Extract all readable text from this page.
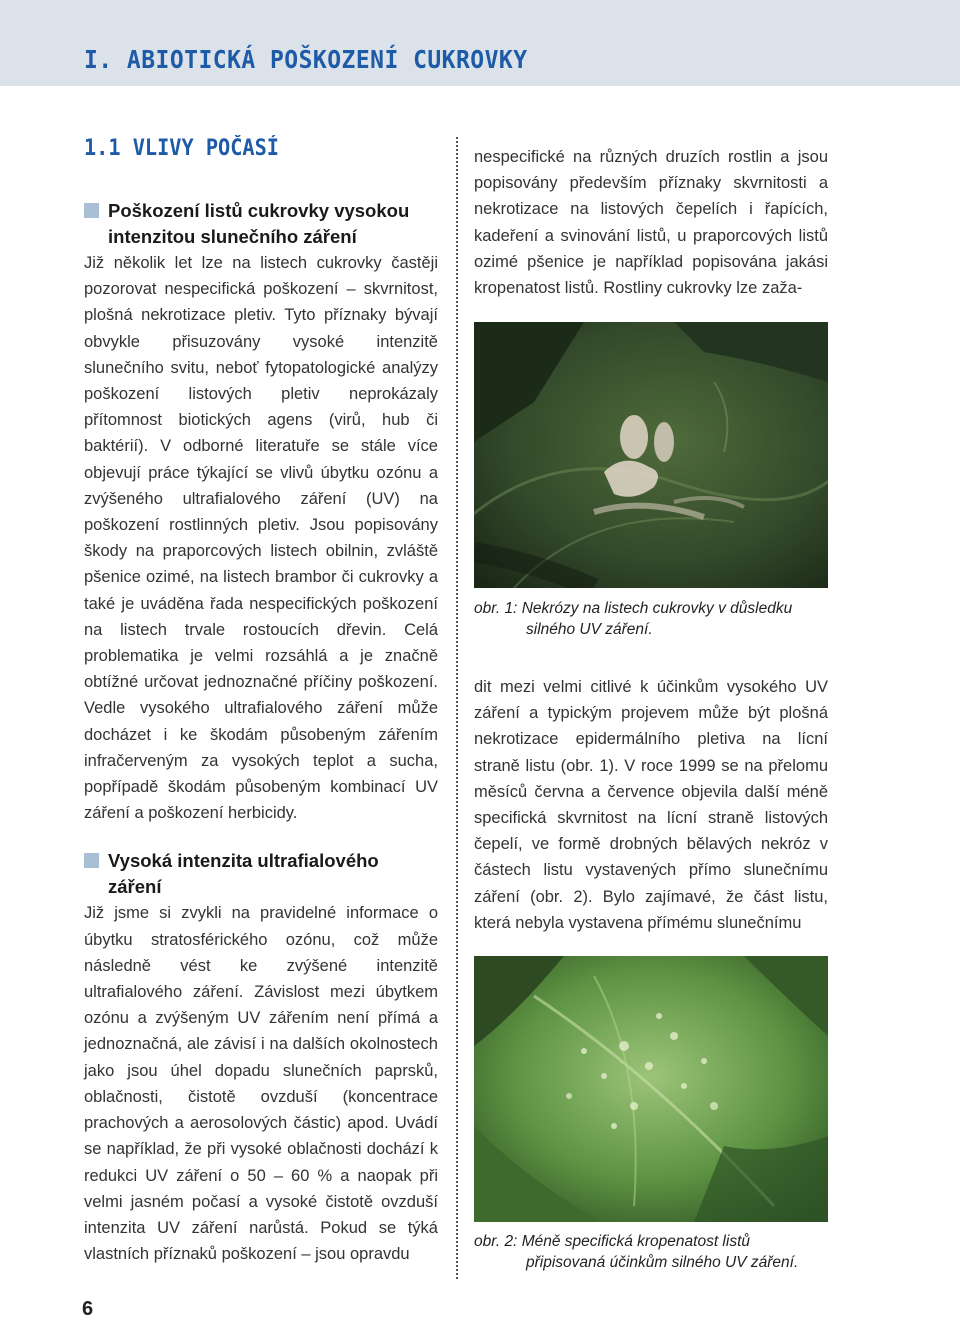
I. ABIOTICKÁ POŠKOZENÍ CUKROVKY
1.1 VLIVY POČASÍ
Poškození listů cukrovky vysokou
intenzitou slunečního záření

Již několik let lze na listech cukrovky častěji pozorovat nespecifická poškození – skvrnitost, plošná nekrotizace pletiv. Tyto příznaky bývají obvykle přisuzovány vysoké intenzitě slunečního svitu, neboť fytopatologické analýzy poškození listových pletiv neprokázaly přítomnost biotických agens (virů, hub či baktérií). V odborné literatuře se stále více objevují práce týkající se vlivů úbytku ozónu a zvýšeného ultrafialového záření (UV) na poškození rostlinných pletiv. Jsou popisovány škody na praporcových listech obilnin, zvláště pšenice ozimé, na listech brambor či cukrovky a také je uváděna řada nespecifických poškození na listech trvale rostoucích dřevin. Celá problematika je velmi rozsáhlá a je značně obtížné určovat jednoznačné příčiny poškození. Vedle vysokého ultrafialového záření může docházet i ke škodám působeným zářením infračerveným za vysokých teplot a sucha, popřípadě škodám působeným kombinací UV záření a poškození herbicidy.

Vysoká intenzita ultrafialového
záření

Již jsme si zvykli na pravidelné informace o úbytku stratosférického ozónu, což může následně vést ke zvýšené intenzitě ultrafialového záření. Závislost mezi úbytkem ozónu a zvýšeným UV zářením není přímá a jednoznačná, ale závisí i na dalších okolnostech jako jsou úhel dopadu slunečních paprsků, oblačnosti, čistotě ovzduší (koncentrace prachových a aerosolových částic) apod. Uvádí se například, že při vysoké oblačnosti dochází k redukci UV záření o 50 – 60 % a naopak při velmi jasném počasí a vysoké čistotě ovzduší intenzita UV záření narůstá. Pokud se týká vlastních příznaků poškození – jsou opravdu

nespecifické na různých druzích rostlin a jsou popisovány především příznaky skvrnitosti a nekrotizace na listových čepelích i řapících, kadeření a svinování listů, u praporcových listů ozimé pšenice je například popisována jakási kropenatost listů. Rostliny cukrovky lze zaža-

obr. 1: Nekrózy na listech cukrovky v důsledku
silného UV záření.

dit mezi velmi citlivé k účinkům vysokého UV záření a typickým projevem může být plošná nekrotizace epidermálního pletiva na lícní straně listu (obr. 1). V roce 1999 se na přelomu měsíců června a července objevila další méně specifická skvrnitost na lícní straně listových čepelí, ve formě drobných bělavých nekróz v částech listu vystavených přímo slunečnímu záření (obr. 2). Bylo zajímavé, že část listu, která nebyla vystavena přímému slunečnímu

obr. 2: Méně specifická kropenatost listů
připisovaná účinkům silného UV záření.
6
